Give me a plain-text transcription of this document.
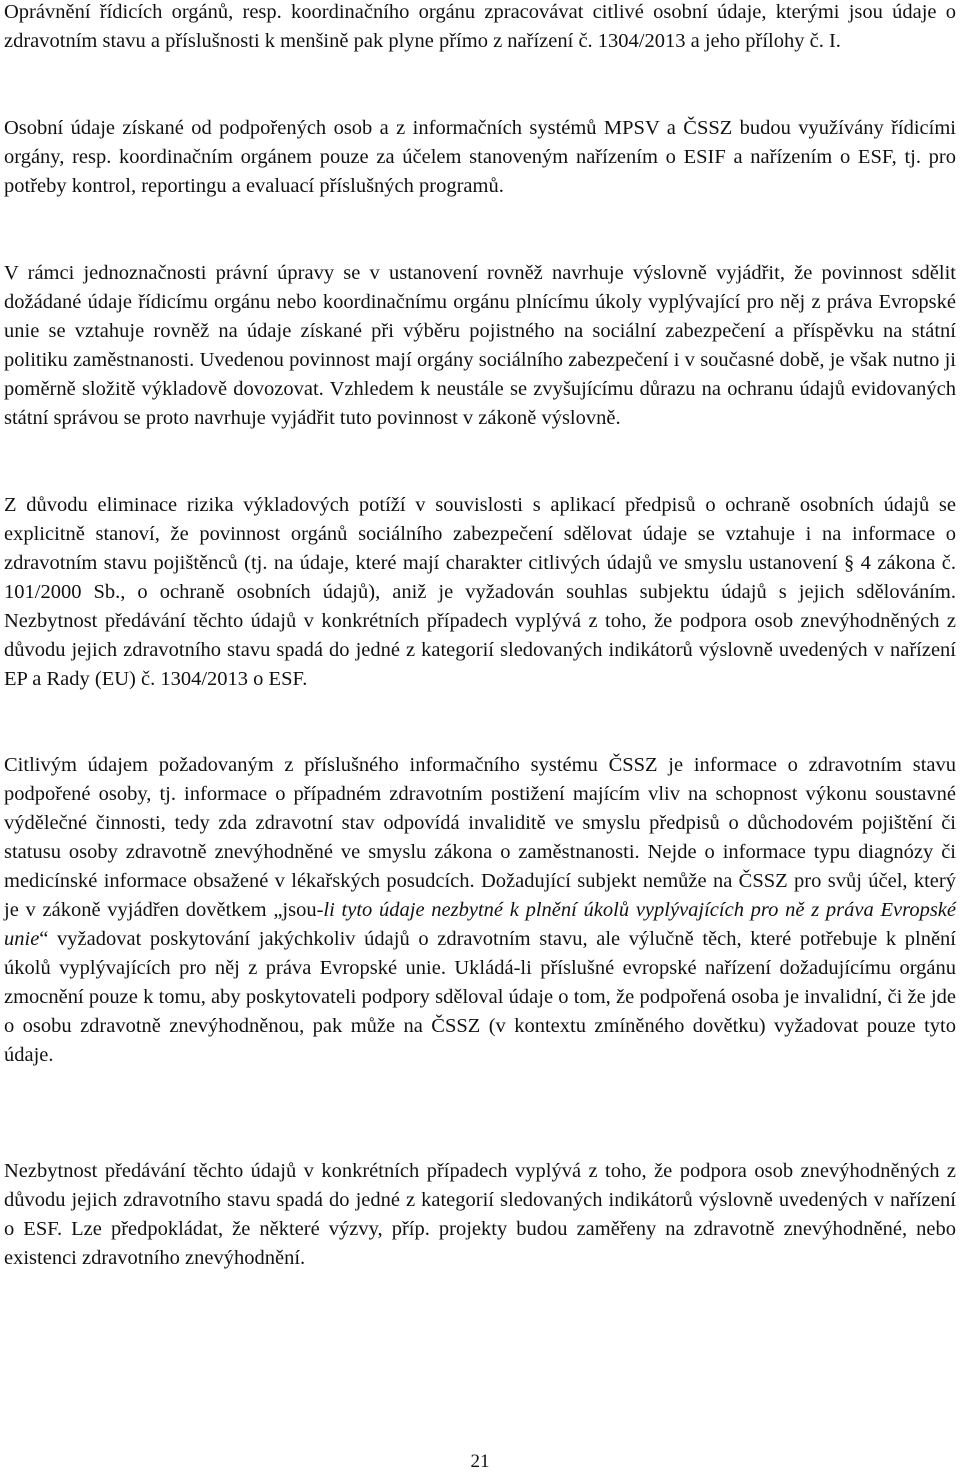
Oprávnění řídicích orgánů, resp. koordinačního orgánu zpracovávat citlivé osobní údaje, kterými jsou údaje o zdravotním stavu a příslušnosti k menšině pak plyne přímo z nařízení č. 1304/2013 a jeho přílohy č. I.

Osobní údaje získané od podpořených osob a z informačních systémů MPSV a ČSSZ budou využívány řídicími orgány, resp. koordinačním orgánem pouze za účelem stanoveným nařízením o ESIF a nařízením o ESF, tj. pro potřeby kontrol, reportingu a evaluací příslušných programů.

V rámci jednoznačnosti právní úpravy se v ustanovení rovněž navrhuje výslovně vyjádřit, že povinnost sdělit dožádané údaje řídicímu orgánu nebo koordinačnímu orgánu plnícímu úkoly vyplývající pro něj z práva Evropské unie se vztahuje rovněž na údaje získané při výběru pojistného na sociální zabezpečení a příspěvku na státní politiku zaměstnanosti. Uvedenou povinnost mají orgány sociálního zabezpečení i v současné době, je však nutno ji poměrně složitě výkladově dovozovat. Vzhledem k neustále se zvyšujícímu důrazu na ochranu údajů evidovaných státní správou se proto navrhuje vyjádřit tuto povinnost v zákoně výslovně.

Z důvodu eliminace rizika výkladových potíží v souvislosti s aplikací předpisů o ochraně osobních údajů se explicitně stanoví, že povinnost orgánů sociálního zabezpečení sdělovat údaje se vztahuje i na informace o zdravotním stavu pojištěnců (tj. na údaje, které mají charakter citlivých údajů ve smyslu ustanovení § 4 zákona č. 101/2000 Sb., o ochraně osobních údajů), aniž je vyžadován souhlas subjektu údajů s jejich sdělováním. Nezbytnost předávání těchto údajů v konkrétních případech vyplývá z toho, že podpora osob znevýhodněných z důvodu jejich zdravotního stavu spadá do jedné z kategorií sledovaných indikátorů výslovně uvedených v nařízení EP a Rady (EU) č. 1304/2013 o ESF.

Citlivým údajem požadovaným z příslušného informačního systému ČSSZ je informace o zdravotním stavu podpořené osoby, tj. informace o případném zdravotním postižení majícím vliv na schopnost výkonu soustavné výdělečné činnosti, tedy zda zdravotní stav odpovídá invaliditě ve smyslu předpisů o důchodovém pojištění či statusu osoby zdravotně znevýhodněné ve smyslu zákona o zaměstnanosti. Nejde o informace typu diagnózy či medicínské informace obsažené v lékařských posudcích. Dožadující subjekt nemůže na ČSSZ pro svůj účel, který je v zákoně vyjádřen dovětkem „jsou-li tyto údaje nezbytné k plnění úkolů vyplývajících pro ně z práva Evropské unie“ vyžadovat poskytování jakýchkoliv údajů o zdravotním stavu, ale výlučně těch, které potřebuje k plnění úkolů vyplývajících pro něj z práva Evropské unie. Ukládá-li příslušné evropské nařízení dožadujícímu orgánu zmocnění pouze k tomu, aby poskytovateli podpory sděloval údaje o tom, že podpořená osoba je invalidní, či že jde o osobu zdravotně znevýhodněnou, pak může na ČSSZ (v kontextu zmíněného dovětku) vyžadovat pouze tyto údaje.

Nezbytnost předávání těchto údajů v konkrétních případech vyplývá z toho, že podpora osob znevýhodněných z důvodu jejich zdravotního stavu spadá do jedné z kategorií sledovaných indikátorů výslovně uvedených v nařízení o ESF. Lze předpokládat, že některé výzvy, příp. projekty budou zaměřeny na zdravotně znevýhodněné, nebo existenci zdravotního znevýhodnění.

21
